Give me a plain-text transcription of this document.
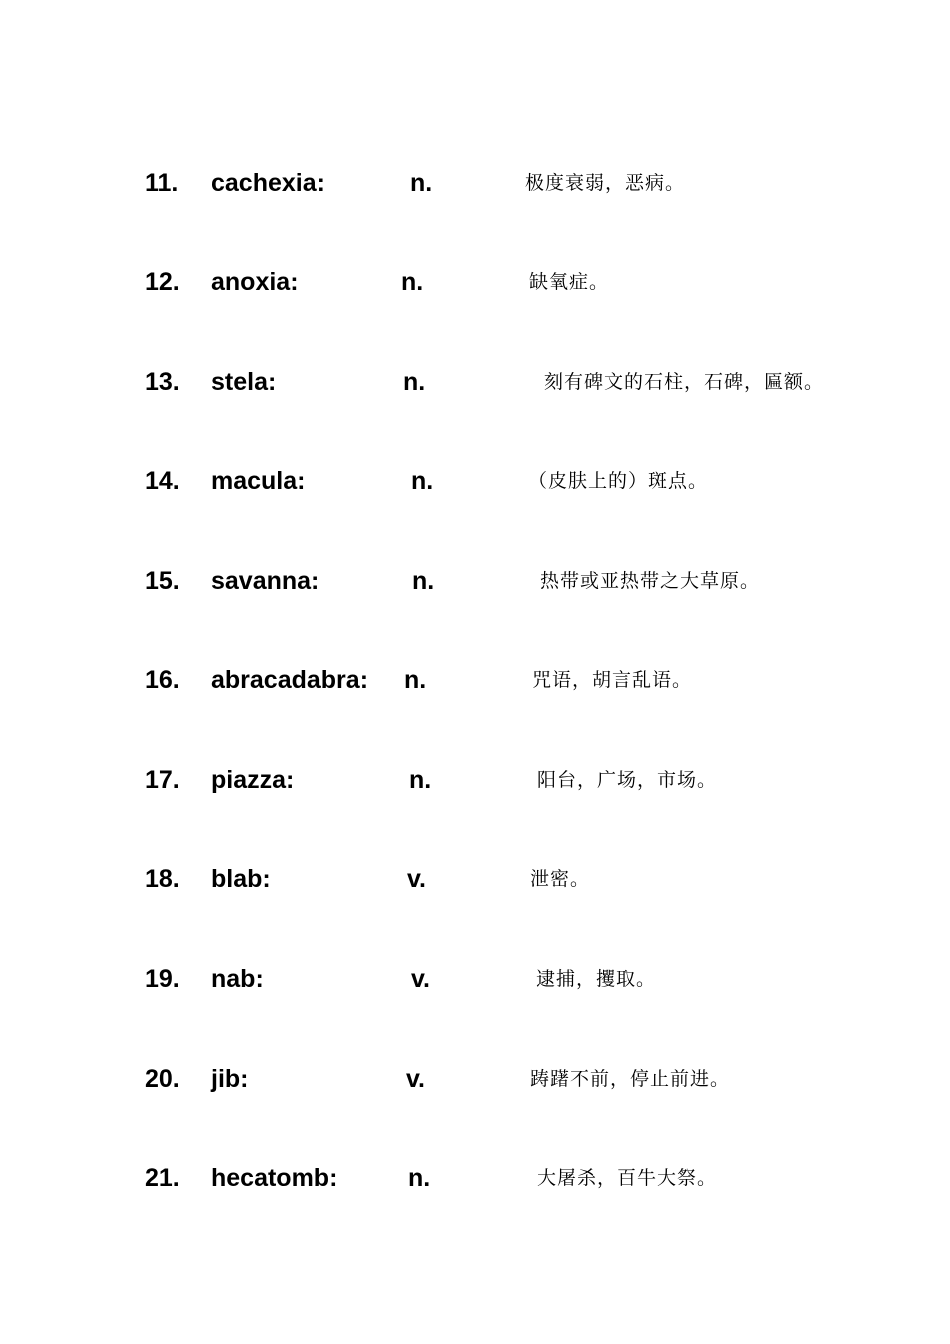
11. cachexia:	n.	极度衰弱，恶病。
12. anoxia:	n.	缺氧症。
13. stela:	n.	刻有碑文的石柱，石碑，匾额。
14. macula:	n.	（皮肤上的）斑点。
15. savanna:	n.	热带或亚热带之大草原。
16. abracadabra: n.	咒语，胡言乱语。
17. piazza:	n.	阳台，广场，市场。
18. blab:	v.	泄密。
19. nab:	v.	逮捕，攫取。
20. jib:	v.	踌躇不前，停止前进。
21. hecatomb:	n.	大屠杀，百牛大祭。
